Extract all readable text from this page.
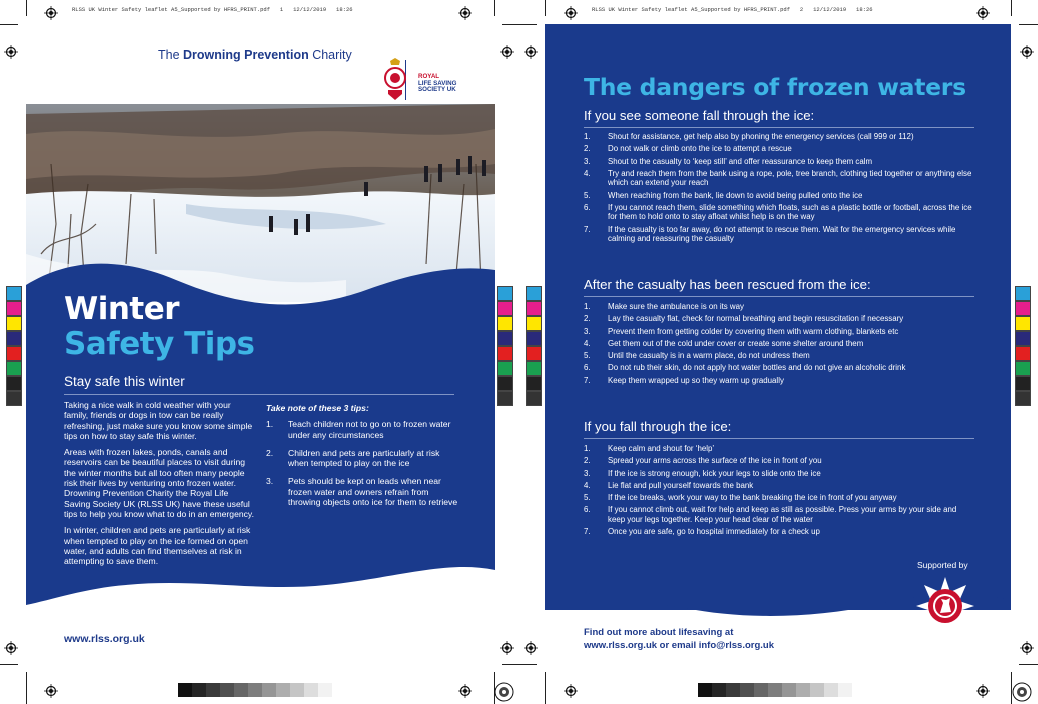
RLSS UK Winter Safety leaflet A5_Supported by HFRS_PRINT.pdf   1   12/12/2019   18:26
The Drowning Prevention Charity
ROYAL
LIFE SAVING
SOCIETY UK
Winter
Safety Tips
Stay safe this winter

Taking a nice walk in cold weather with your family, friends or dogs in tow can be really refreshing, just make sure you know some simple tips on how to stay safe this winter.

Areas with frozen lakes, ponds, canals and reservoirs can be beautiful places to visit during the winter months but all too often many people risk their lives by venturing onto frozen water. Drowning Prevention Charity the Royal Life Saving Society UK (RLSS UK) have these useful tips to help you know what to do in an emergency.

In winter, children and pets are particularly at risk when tempted to play on the ice formed on open water, and adults can find themselves at risk in attempting to save them.

Take note of these 3 tips:
1.	Teach children not to go on to frozen water under any circumstances
2.	Children and pets are particularly at risk when tempted to play on the ice
3.	Pets should be kept on leads when near frozen water and owners refrain from throwing objects onto ice for them to retrieve
www.rlss.org.uk
RLSS UK Winter Safety leaflet A5_Supported by HFRS_PRINT.pdf   2   12/12/2019   18:26
The dangers of frozen waters
If you see someone fall through the ice:
1.	Shout for assistance, get help also by phoning the emergency services (call 999 or 112)
2.	Do not walk or climb onto the ice to attempt a rescue
3.	Shout to the casualty to ‘keep still’ and offer reassurance to keep them calm
4.	Try and reach them from the bank using a rope, pole, tree branch, clothing tied together or anything else which can extend your reach
5.	When reaching from the bank, lie down to avoid being pulled onto the ice
6.	If you cannot reach them, slide something which floats, such as a plastic bottle or football, across the ice for them to hold onto to stay afloat whilst help is on the way
7.	If the casualty is too far away, do not attempt to rescue them. Wait for the emergency services while calming and reassuring the casualty
After the casualty has been rescued from the ice:
1.	Make sure the ambulance is on its way
2.	Lay the casualty flat, check for normal breathing and begin resuscitation if necessary
3.	Prevent them from getting colder by covering them with warm clothing, blankets etc
4.	Get them out of the cold under cover or create some shelter around them
5.	Until the casualty is in a warm place, do not undress them
6.	Do not rub their skin, do not apply hot water bottles and do not give an alcoholic drink
7.	Keep them wrapped up so they warm up gradually
If you fall through the ice:
1.	Keep calm and shout for ‘help’
2.	Spread your arms across the surface of the ice in front of you
3.	If the ice is strong enough, kick your legs to slide onto the ice
4.	Lie flat and pull yourself towards the bank
5.	If the ice breaks, work your way to the bank breaking the ice in front of you anyway
6.	If you cannot climb out, wait for help and keep as still as possible. Press your arms by your side and keep your legs together. Keep your head clear of the water
7.	Once you are safe, go to hospital immediately for a check up
Supported by
Find out more about lifesaving at
www.rlss.org.uk or email info@rlss.org.uk
